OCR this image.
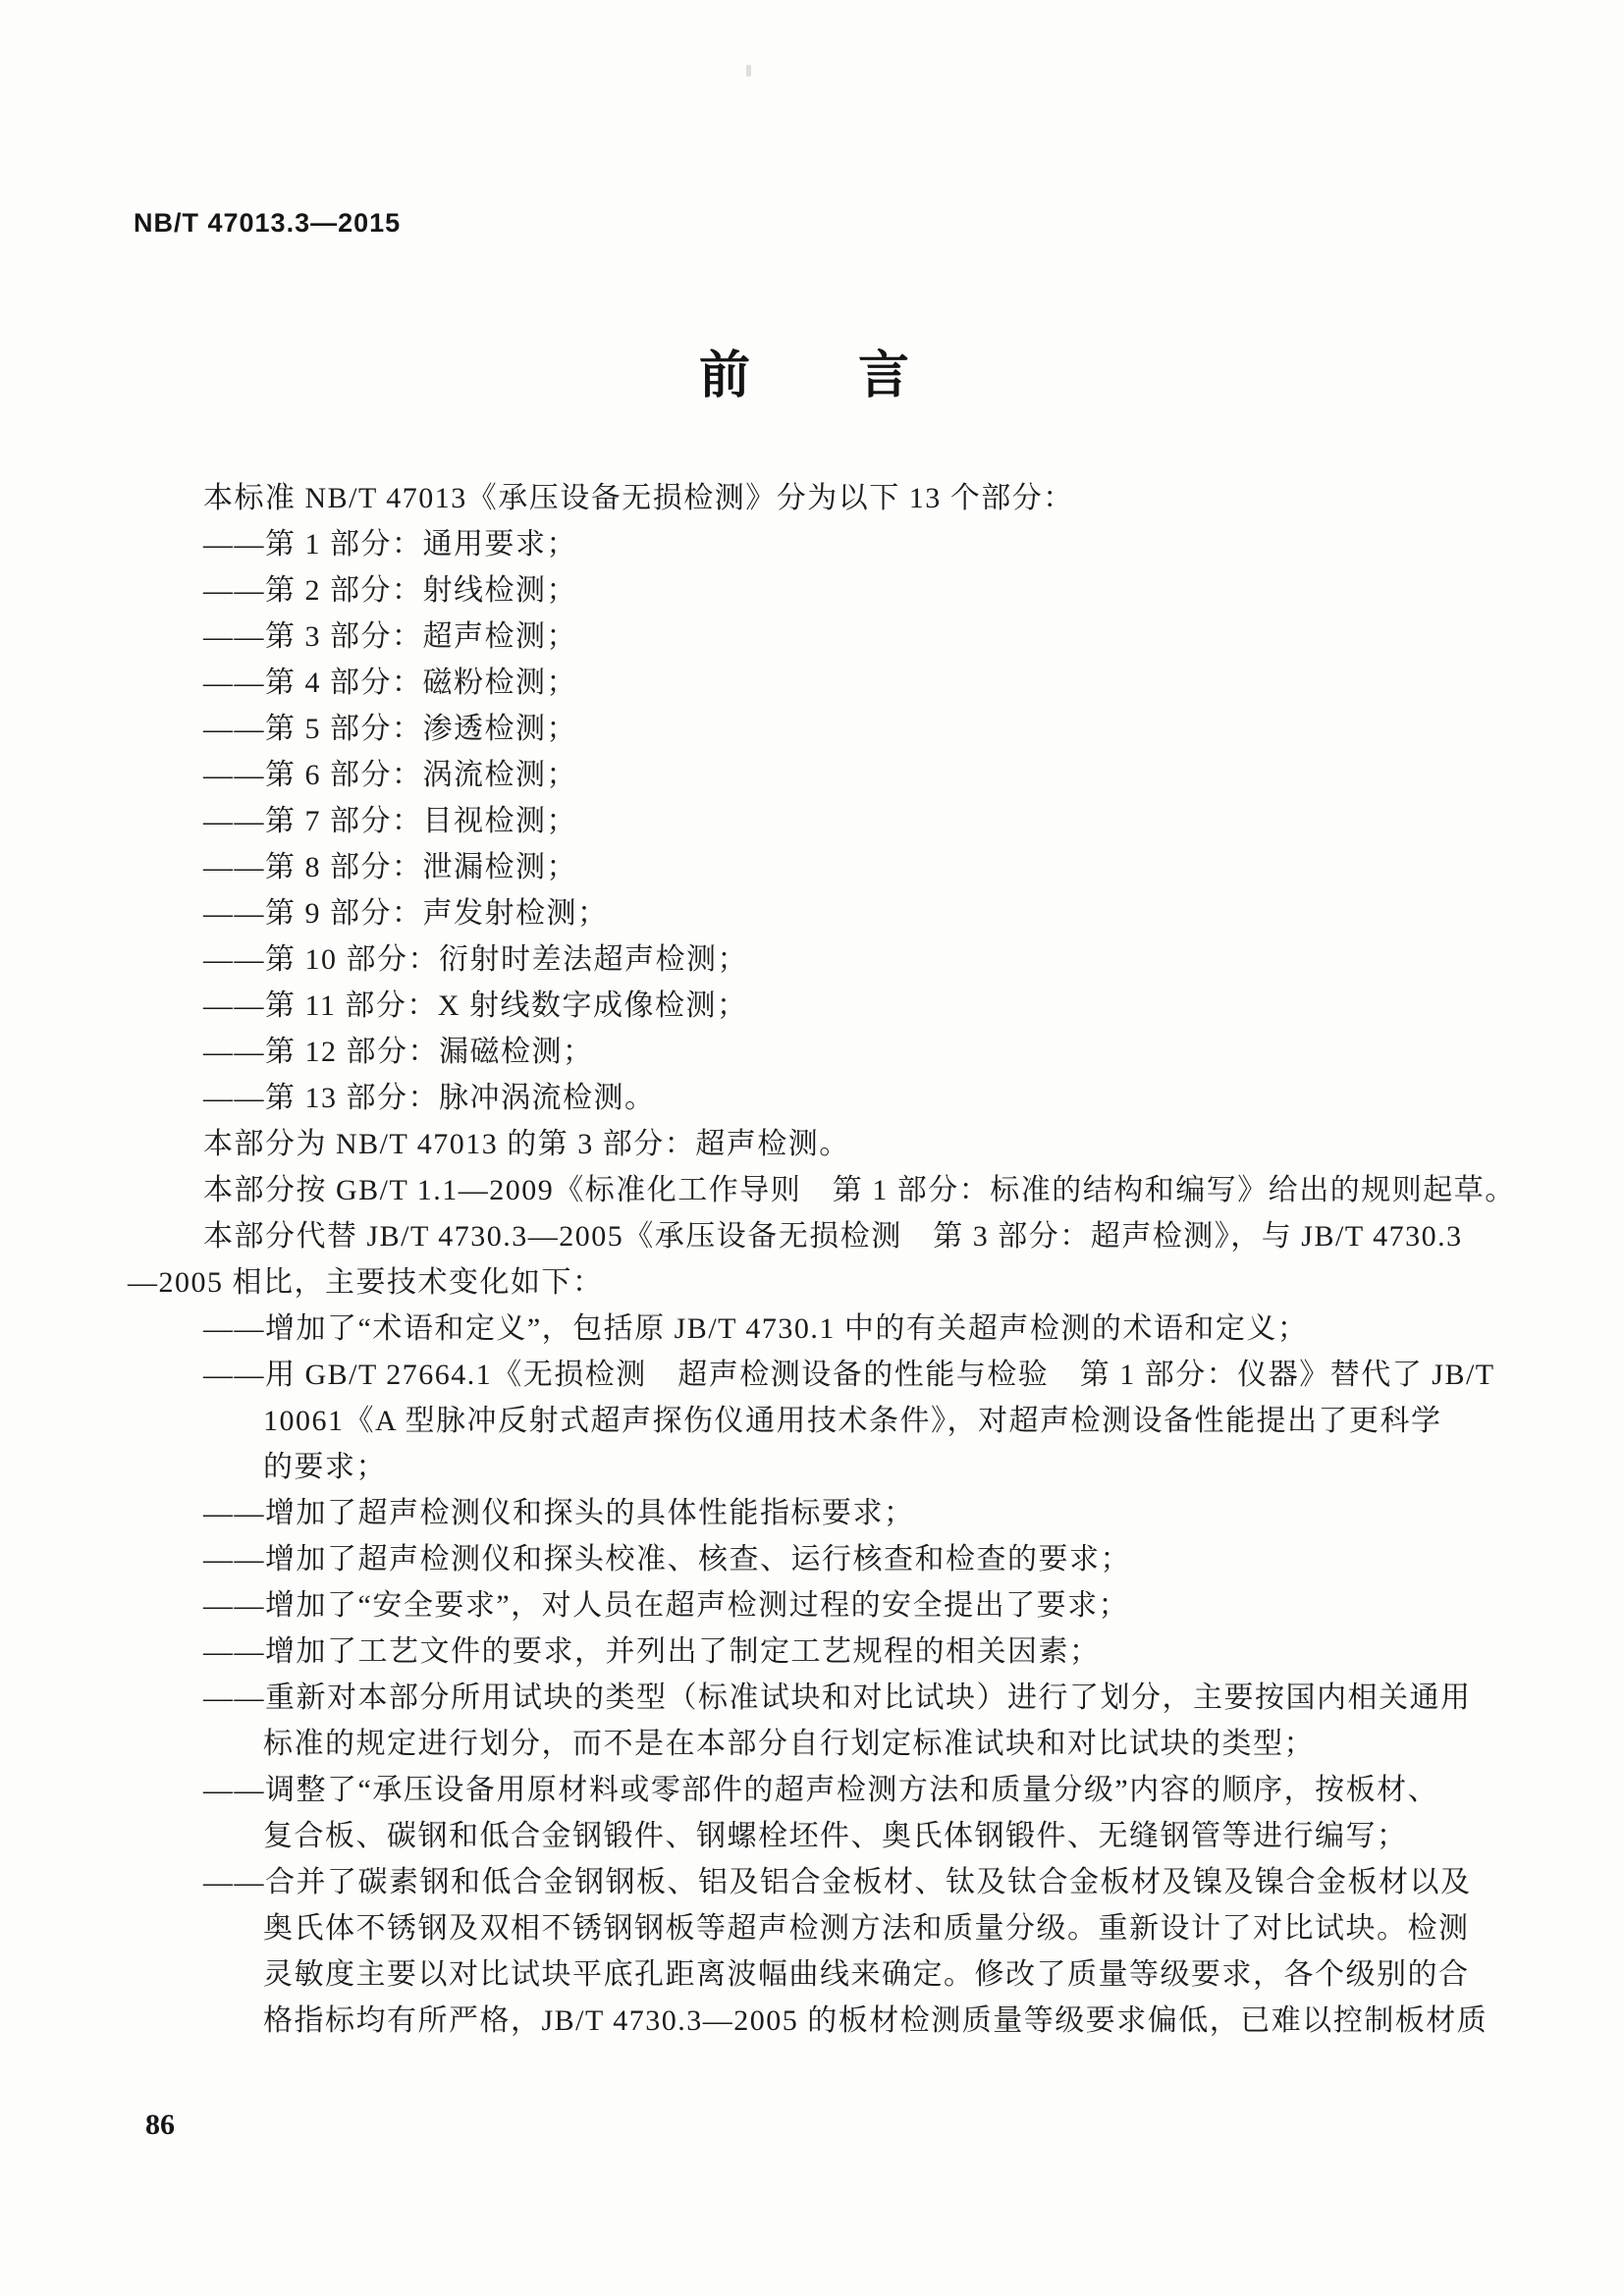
NB/T 47013.3—2015
前　　言
本标准 NB/T 47013《承压设备无损检测》分为以下 13 个部分：
——第 1 部分：通用要求；
——第 2 部分：射线检测；
——第 3 部分：超声检测；
——第 4 部分：磁粉检测；
——第 5 部分：渗透检测；
——第 6 部分：涡流检测；
——第 7 部分：目视检测；
——第 8 部分：泄漏检测；
——第 9 部分：声发射检测；
——第 10 部分：衍射时差法超声检测；
——第 11 部分：X 射线数字成像检测；
——第 12 部分：漏磁检测；
——第 13 部分：脉冲涡流检测。
本部分为 NB/T 47013 的第 3 部分：超声检测。
本部分按 GB/T 1.1—2009《标准化工作导则　第 1 部分：标准的结构和编写》给出的规则起草。
本部分代替 JB/T 4730.3—2005《承压设备无损检测　第 3 部分：超声检测》，与 JB/T 4730.3
—2005 相比，主要技术变化如下：
——增加了“术语和定义”，包括原 JB/T 4730.1 中的有关超声检测的术语和定义；
——用 GB/T 27664.1《无损检测　超声检测设备的性能与检验　第 1 部分：仪器》替代了 JB/T
10061《A 型脉冲反射式超声探伤仪通用技术条件》，对超声检测设备性能提出了更科学
的要求；
——增加了超声检测仪和探头的具体性能指标要求；
——增加了超声检测仪和探头校准、核查、运行核查和检查的要求；
——增加了“安全要求”，对人员在超声检测过程的安全提出了要求；
——增加了工艺文件的要求，并列出了制定工艺规程的相关因素；
——重新对本部分所用试块的类型（标准试块和对比试块）进行了划分，主要按国内相关通用
标准的规定进行划分，而不是在本部分自行划定标准试块和对比试块的类型；
——调整了“承压设备用原材料或零部件的超声检测方法和质量分级”内容的顺序，按板材、
复合板、碳钢和低合金钢锻件、钢螺栓坯件、奥氏体钢锻件、无缝钢管等进行编写；
——合并了碳素钢和低合金钢钢板、铝及铝合金板材、钛及钛合金板材及镍及镍合金板材以及
奥氏体不锈钢及双相不锈钢钢板等超声检测方法和质量分级。重新设计了对比试块。检测
灵敏度主要以对比试块平底孔距离波幅曲线来确定。修改了质量等级要求，各个级别的合
格指标均有所严格，JB/T 4730.3—2005 的板材检测质量等级要求偏低，已难以控制板材质
86
